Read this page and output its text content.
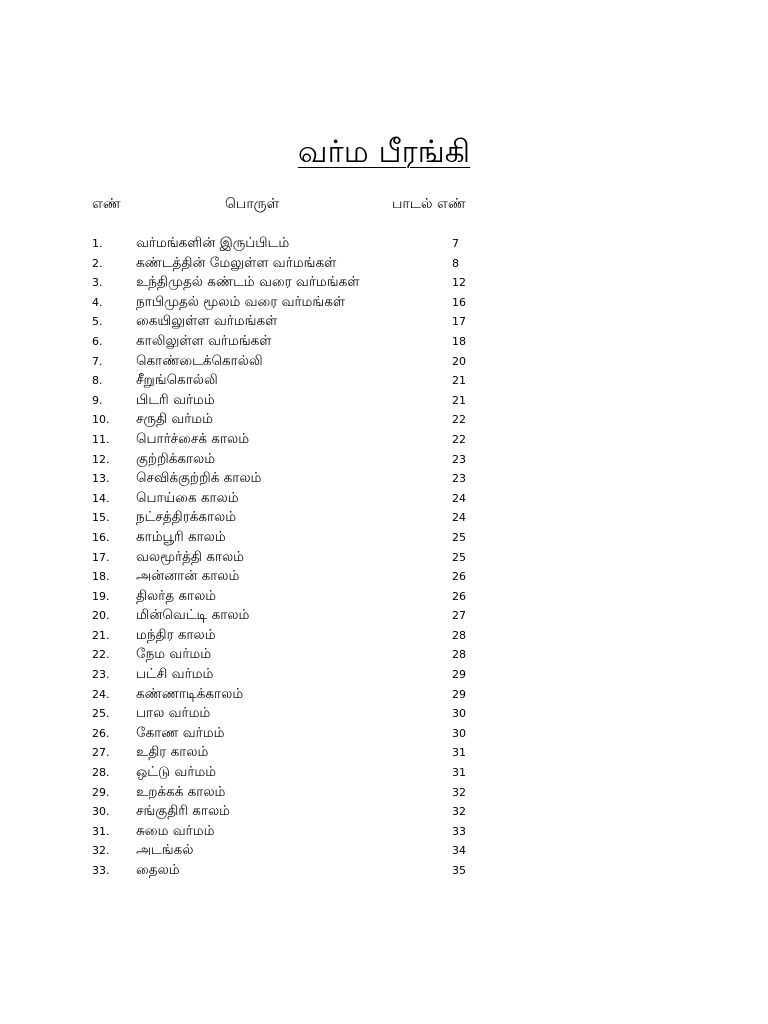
வர்ம பீரங்கி
எண்	பொருள்	பாடல் எண்
1. வர்மங்களின் இருப்பிடம்	7
2. கண்டத்தின் மேலுள்ள வர்மங்கள்	8
3. உந்திமுதல் கண்டம் வரை வர்மங்கள்	12
4. நாபிமுதல் மூலம் வரை வர்மங்கள்	16
5. கையிலுள்ள வர்மங்கள்	17
6. காலிலுள்ள வர்மங்கள்	18
7. கொண்டைக்கொல்லி	20
8. சீறுங்கொல்லி	21
9. பிடரி வர்மம்	21
10. சருதி வர்மம்	22
11. பொர்ச்சைக் காலம்	22
12. குற்றிக்காலம்	23
13. செவிக்குற்றிக் காலம்	23
14. பொய்கை காலம்	24
15. நட்சத்திரக்காலம்	24
16. காம்பூரி காலம்	25
17. வலமூர்த்தி காலம்	25
18. அன்னான் காலம்	26
19. திலர்த காலம்	26
20. மின்வெட்டி காலம்	27
21. மந்திர காலம்	28
22. நேம வர்மம்	28
23. பட்சி வர்மம்	29
24. கண்ணாடிக்காலம்	29
25. பால வர்மம்	30
26. கோண வர்மம்	30
27. உதிர காலம்	31
28. ஒட்டு வர்மம்	31
29. உறக்கக் காலம்	32
30. சங்குதிரி காலம்	32
31. சுமை வர்மம்	33
32. அடங்கல்	34
33. தைலம்	35
